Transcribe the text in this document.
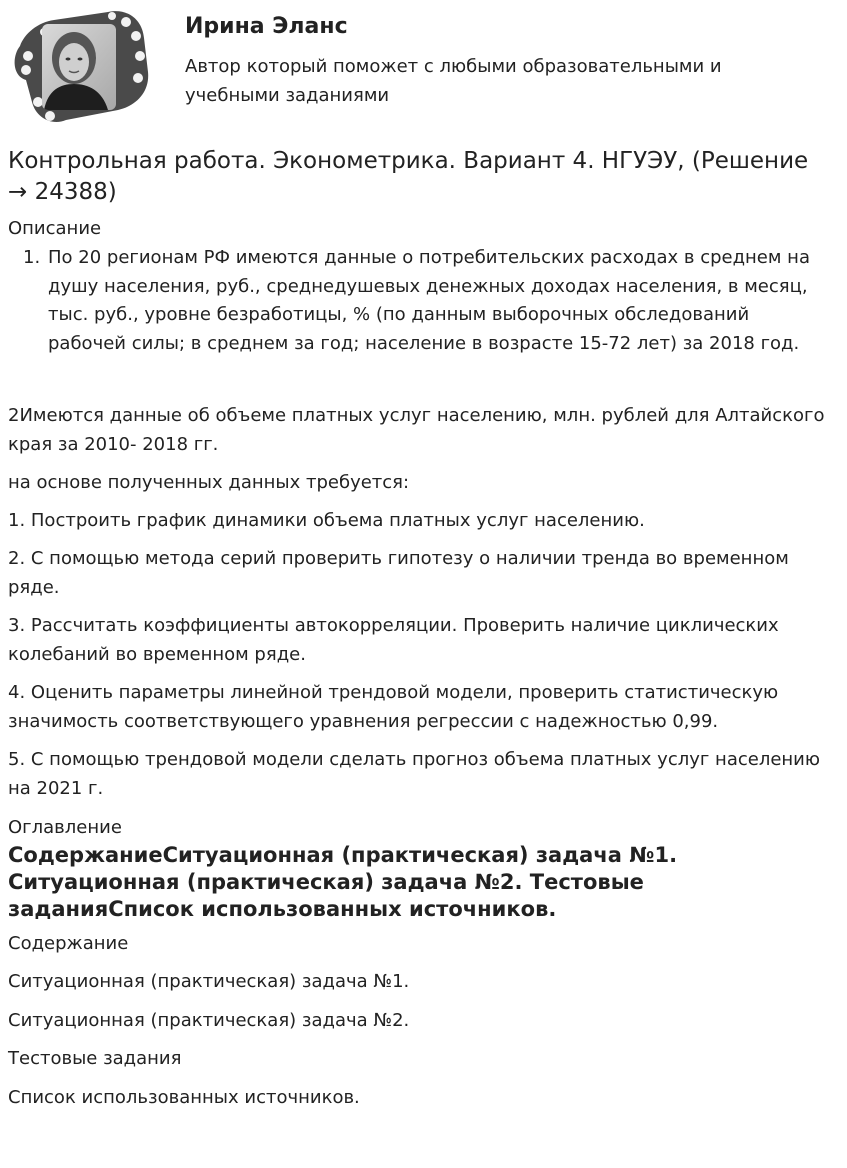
Ирина Эланс

Автор который поможет с любыми образовательными и учебными заданиями

Контрольная работа. Эконометрика. Вариант 4. НГУЭУ, (Решение → 24388)
Описание
1. По 20 регионам РФ имеются данные о потребительских расходах в среднем на душу населения, руб., среднедушевых денежных доходах населения, в месяц, тыс. руб., уровне безработицы, % (по данным выборочных обследований рабочей силы; в среднем за год; население в возрасте 15-72 лет) за 2018 год.

2Имеются данные об объеме платных услуг населению, млн. рублей для Алтайского края за 2010- 2018 гг.

на основе полученных данных требуется:

1. Построить график динамики объема платных услуг населению.

2. С помощью метода серий проверить гипотезу о наличии тренда во временном ряде.

3. Рассчитать коэффициенты автокорреляции. Проверить наличие циклических колебаний во временном ряде.

4. Оценить параметры линейной трендовой модели, проверить статистическую значимость соответствующего уравнения регрессии с надежностью 0,99.

5. С помощью трендовой модели сделать прогноз объема платных услуг населению на 2021 г.

Оглавление

СодержаниеСитуационная (практическая) задача №1. Ситуационная (практическая) задача №2. Тестовые заданияСписок использованных источников.

Содержание

Ситуационная (практическая) задача №1.

Ситуационная (практическая) задача №2.

Тестовые задания

Список использованных источников.
